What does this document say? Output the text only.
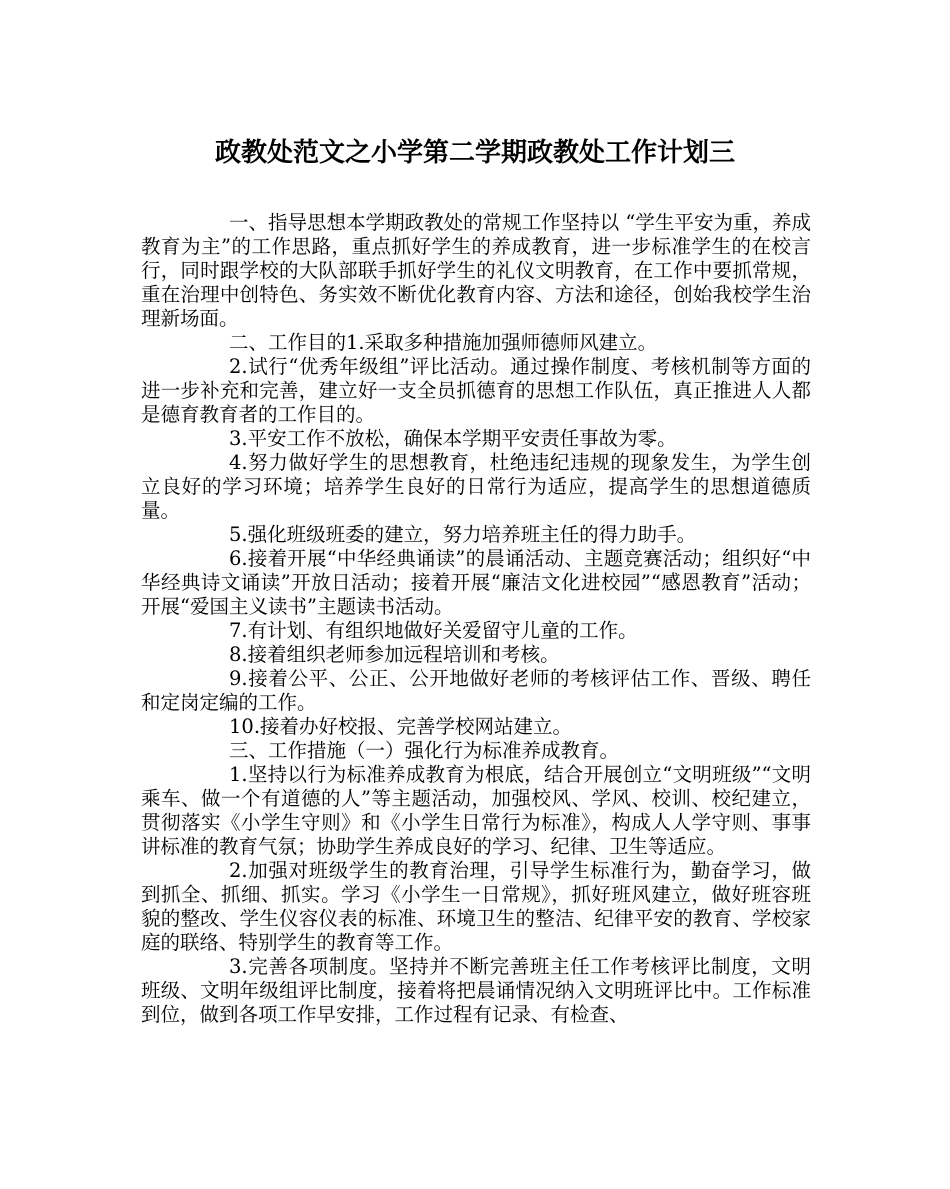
政教处范文之小学第二学期政教处工作计划三

一、指导思想本学期政教处的常规工作坚持以 “学生平安为重，养成教育为主”的工作思路，重点抓好学生的养成教育，进一步标准学生的在校言行，同时跟学校的大队部联手抓好学生的礼仪文明教育，在工作中要抓常规，重在治理中创特色、务实效不断优化教育内容、方法和途径，创始我校学生治理新场面。

二、工作目的1.采取多种措施加强师德师风建立。

2.试行“优秀年级组”评比活动。通过操作制度、考核机制等方面的进一步补充和完善，建立好一支全员抓德育的思想工作队伍，真正推进人人都是德育教育者的工作目的。

3.平安工作不放松，确保本学期平安责任事故为零。

4.努力做好学生的思想教育，杜绝违纪违规的现象发生，为学生创立良好的学习环境；培养学生良好的日常行为适应，提高学生的思想道德质量。

5.强化班级班委的建立，努力培养班主任的得力助手。

6.接着开展“中华经典诵读”的晨诵活动、主题竞赛活动；组织好“中华经典诗文诵读”开放日活动；接着开展“廉洁文化进校园”“感恩教育”活动；开展“爱国主义读书”主题读书活动。

7.有计划、有组织地做好关爱留守儿童的工作。

8.接着组织老师参加远程培训和考核。

9.接着公平、公正、公开地做好老师的考核评估工作、晋级、聘任和定岗定编的工作。

10.接着办好校报、完善学校网站建立。

三、工作措施（一）强化行为标准养成教育。

1.坚持以行为标准养成教育为根底，结合开展创立“文明班级”“文明乘车、做一个有道德的人”等主题活动，加强校风、学风、校训、校纪建立，贯彻落实《小学生守则》和《小学生日常行为标准》，构成人人学守则、事事讲标准的教育气氛；协助学生养成良好的学习、纪律、卫生等适应。

2.加强对班级学生的教育治理，引导学生标准行为，勤奋学习，做到抓全、抓细、抓实。学习《小学生一日常规》，抓好班风建立，做好班容班貌的整改、学生仪容仪表的标准、环境卫生的整洁、纪律平安的教育、学校家庭的联络、特别学生的教育等工作。

3.完善各项制度。坚持并不断完善班主任工作考核评比制度，文明班级、文明年级组评比制度，接着将把晨诵情况纳入文明班评比中。工作标准到位，做到各项工作早安排，工作过程有记录、有检查、
